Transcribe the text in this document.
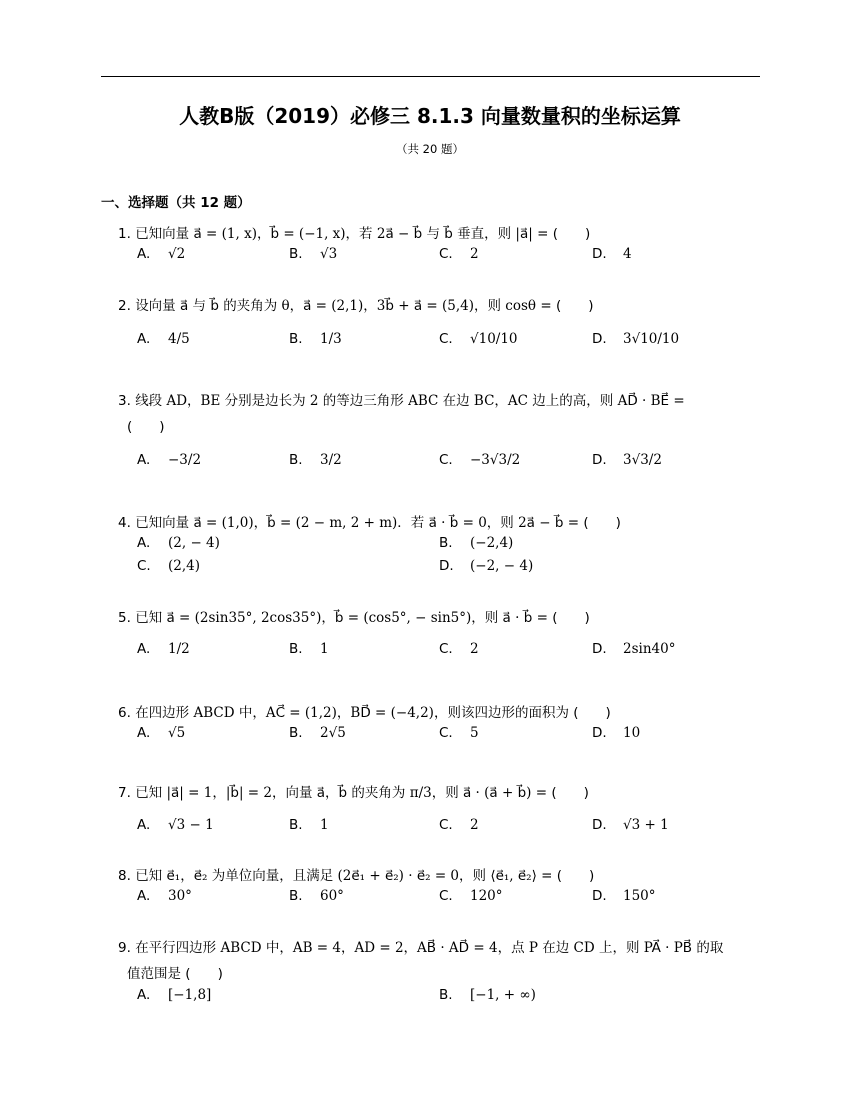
人教B版（2019）必修三 8.1.3 向量数量积的坐标运算
（共 20 题）
一、选择题（共 12 题）
1. 已知向量 a⃗ = (1, x)，b⃗ = (−1, x)，若 2a⃗ − b⃗ 与 b⃗ 垂直，则 |a⃗| = (　　)
A. √2	B. √3	C. 2	D. 4
2. 设向量 a⃗ 与 b⃗ 的夹角为 θ，a⃗ = (2,1)，3b⃗ + a⃗ = (5,4)，则 cosθ = (　　)
A. 4/5	B. 1/3	C. √10/10	D. 3√10/10
3. 线段 AD，BE 分别是边长为 2 的等边三角形 ABC 在边 BC，AC 边上的高，则 AD⃗ · BE⃗ =
(　　)
A. −3/2	B. 3/2	C. −3√3/2	D. 3√3/2
4. 已知向量 a⃗ = (1,0)，b⃗ = (2 − m, 2 + m)．若 a⃗ · b⃗ = 0，则 2a⃗ − b⃗ = (　　)
A. (2, − 4)	B. (−2,4)
C. (2,4)	D. (−2, − 4)
5. 已知 a⃗ = (2sin35°, 2cos35°)，b⃗ = (cos5°, − sin5°)，则 a⃗ · b⃗ = (　　)
A. 1/2	B. 1	C. 2	D. 2sin40°
6. 在四边形 ABCD 中，AC⃗ = (1,2)，BD⃗ = (−4,2)，则该四边形的面积为 (　　)
A. √5	B. 2√5	C. 5	D. 10
7. 已知 |a⃗| = 1，|b⃗| = 2，向量 a⃗，b⃗ 的夹角为 π/3，则 a⃗ · (a⃗ + b⃗) = (　　)
A. √3 − 1	B. 1	C. 2	D. √3 + 1
8. 已知 e⃗₁，e⃗₂ 为单位向量，且满足 (2e⃗₁ + e⃗₂) · e⃗₂ = 0，则 ⟨e⃗₁, e⃗₂⟩ = (　　)
A. 30°	B. 60°	C. 120°	D. 150°
9. 在平行四边形 ABCD 中，AB = 4，AD = 2，AB⃗ · AD⃗ = 4，点 P 在边 CD 上，则 PA⃗ · PB⃗ 的取
值范围是 (　　)
A. [−1,8]	B. [−1, + ∞)
